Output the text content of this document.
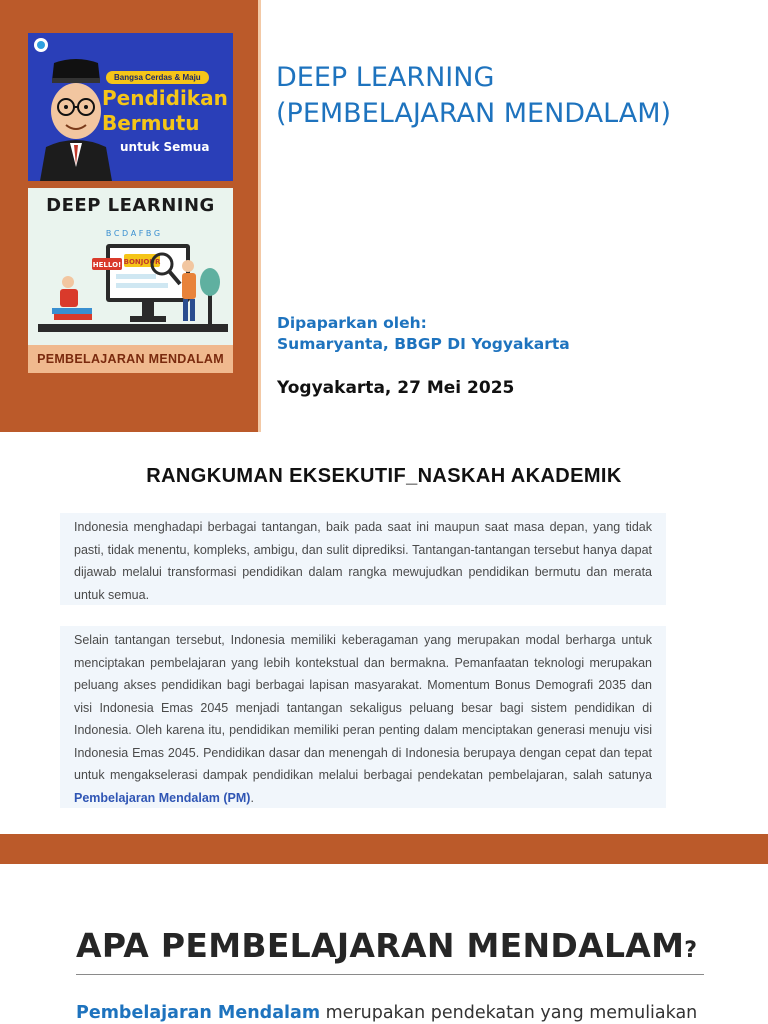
Bangsa Cerdas & Maju
Pendidikan
Bermutu
untuk Semua
DEEP LEARNING
HELLO! BONJOUR
B C D A F B G
PEMBELAJARAN MENDALAM
DEEP LEARNING
(PEMBELAJARAN MENDALAM)
Dipaparkan oleh:
Sumaryanta, BBGP DI Yogyakarta
Yogyakarta, 27 Mei 2025
RANGKUMAN EKSEKUTIF_NASKAH AKADEMIK

Indonesia menghadapi berbagai tantangan, baik pada saat ini maupun saat masa depan, yang tidak pasti, tidak menentu, kompleks, ambigu, dan sulit diprediksi. Tantangan-tantangan tersebut hanya dapat dijawab melalui transformasi pendidikan dalam rangka mewujudkan pendidikan bermutu dan merata untuk semua.

Selain tantangan tersebut, Indonesia memiliki keberagaman yang merupakan modal berharga untuk menciptakan pembelajaran yang lebih kontekstual dan bermakna. Pemanfaatan teknologi merupakan peluang akses pendidikan bagi berbagai lapisan masyarakat. Momentum Bonus Demografi 2035 dan visi Indonesia Emas 2045 menjadi tantangan sekaligus peluang besar bagi sistem pendidikan di Indonesia. Oleh karena itu, pendidikan memiliki peran penting dalam menciptakan generasi menuju visi Indonesia Emas 2045. Pendidikan dasar dan menengah di Indonesia berupaya dengan cepat dan tepat untuk mengakselerasi dampak pendidikan melalui berbagai pendekatan pembelajaran, salah satunya Pembelajaran Mendalam (PM).

APA PEMBELAJARAN MENDALAM?
Pembelajaran Mendalam merupakan pendekatan yang memuliakan
